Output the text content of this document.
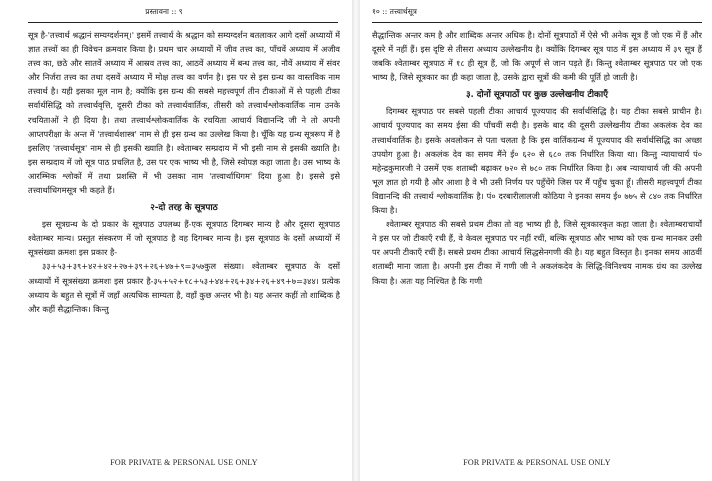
प्रस्तावना :: ९

सूत्र है-'तत्त्वार्थ श्रद्धानं सम्यग्दर्शनम्।' इसमें तत्त्वार्थ के श्रद्धान को सम्यग्दर्शन बतलाकर आगे दसों अध्यायों में ज्ञात तत्त्वों का ही विवेचन क्रमवार किया है। प्रथम चार अध्यायों में जीव तत्त्व का, पाँचवें अध्याय में अजीव तत्त्व का, छठे और सातवें अध्याय में आस्रव तत्त्व का, आठवें अध्याय में बन्ध तत्त्व का, नौवें अध्याय में संवर और निर्जरा तत्त्व का तथा दसवें अध्याय में मोक्ष तत्त्व का वर्णन है। इस पर से इस ग्रन्थ का वास्तविक नाम तत्त्वार्थ है। यही इसका मूल नाम है; क्योंकि इस ग्रन्थ की सबसे महत्त्वपूर्ण तीन टीकाओं में से पहली टीका सर्वार्थसिद्धि को तत्त्वार्थवृत्ति, दूसरी टीका को तत्त्वार्थवार्तिक, तीसरी को तत्त्वार्थश्लोकवार्तिक नाम उनके रचयिताओं ने ही दिया है। तथा तत्त्वार्थश्लोकवार्तिक के रचयिता आचार्य विद्यानन्दि जी ने तो अपनी आप्तपरीक्षा के अन्त में 'तत्त्वार्थशास्त्र' नाम से ही इस ग्रन्थ का उल्लेख किया है। चूँकि यह ग्रन्थ सूत्ररूप में है इसलिए 'तत्त्वार्थसूत्र' नाम से ही इसकी ख्याति है। श्वेताम्बर सम्प्रदाय में भी इसी नाम से इसकी ख्याति है। इस सम्प्रदाय में जो सूत्र पाठ प्रचलित है, उस पर एक भाष्य भी है, जिसे स्वोपज्ञ कहा जाता है। उस भाष्य के आरम्भिक श्लोकों में तथा प्रशस्ति में भी उसका नाम 'तत्त्वार्थाधिगम' दिया हुआ है। इससे इसे तत्त्वार्थाधिगमसूत्र भी कहते हैं।

२-दो तरह के सूत्रपाठ

इस सूत्रग्रन्थ के दो प्रकार के सूत्रपाठ उपलब्ध हैं-एक सूत्रपाठ दिगम्बर मान्य है और दूसरा सूत्रपाठ श्वेताम्बर मान्य। प्रस्तुत संस्करण में जो सूत्रपाठ है वह दिगम्बर मान्य है। इस सूत्रपाठ के दसों अध्यायों में सूत्रसंख्या क्रमशः इस प्रकार है-

३३+५३+३९+४२+४२+२७+३९+२६+४७+९=३५७कुल संख्या। श्वेताम्बर सूत्रपाठ के दसों अध्यायों में सूत्रसंख्या क्रमशः इस प्रकार है-३५+५२+१८+५३+४४+२६+३४+२६+४९+७=३४४। प्रत्येक अध्याय के बहुत से सूत्रों में जहाँ अत्यधिक साम्यता है, वहाँ कुछ अन्तर भी है। यह अन्तर कहीं तो शाब्दिक है और कहीं सैद्धान्तिक। किन्तु

FOR PRIVATE & PERSONAL USE ONLY
१० :: तत्त्वार्थसूत्र

सैद्धान्तिक अन्तर कम है और शाब्दिक अन्तर अधिक है। दोनों सूत्रपाठों में ऐसे भी अनेक सूत्र हैं जो एक में हैं और दूसरे में नहीं हैं। इस दृष्टि से तीसरा अध्याय उल्लेखनीय है। क्योंकि दिगम्बर सूत्र पाठ में इस अध्याय में ३९ सूत्र हैं जबकि श्वेताम्बर सूत्रपाठ में १८ ही सूत्र हैं, जो कि अपूर्ण से जान पड़ते हैं। किन्तु श्वेताम्बर सूत्रपाठ पर जो एक भाष्य है, जिसे सूत्रकार का ही कहा जाता है, उसके द्वारा सूत्रों की कमी की पूर्ति हो जाती है।

३. दोनों सूत्रपाठों पर कुछ उल्लेखनीय टीकाएँ

दिगम्बर सूत्रपाठ पर सबसे पहली टीका आचार्य पूज्यपाद की सर्वार्थसिद्धि है। यह टीका सबसे प्राचीन है। आचार्य पूज्यपाद का समय ईसा की पाँचवीं सदी है। इसके बाद की दूसरी उल्लेखनीय टीका अकलंक देव का तत्त्वार्थवार्तिक है। इसके अवलोकन से पता चलता है कि इस वार्तिकग्रन्थ में पूज्यपाद की सर्वार्थसिद्धि का अच्छा उपयोग हुआ है। अकलंक देव का समय मैंने ई० ६२० से ६८० तक निर्धारित किया था। किन्तु न्यायाचार्य पं० महेन्द्रकुमारजी ने उसमें एक शताब्दी बढ़ाकर ७२० से ७८० तक निर्धारित किया है। अब न्यायाचार्य जी की अपनी भूल ज्ञात हो गयी है और आशा है वे भी उसी निर्णय पर पहुँचेंगे जिस पर मैं पहुँच चुका हूँ। तीसरी महत्त्वपूर्ण टीका विद्यानन्दि की तत्त्वार्थ श्लोकवार्तिक है। पं० दरबारीलालजी कोठिया ने इनका समय ई० ७७५ से ८४० तक निर्धारित किया है।

श्वेताम्बर सूत्रपाठ की सबसे प्रथम टीका तो वह भाष्य ही है, जिसे सूत्रकारकृत कहा जाता है। श्वेताम्बराचार्यों ने इस पर जो टीकाएँ रची हैं, वे केवल सूत्रपाठ पर नहीं रचीं, बल्कि सूत्रपाठ और भाष्य को एक ग्रन्थ मानकर उसी पर अपनी टीकाएँ रचीं हैं। सबसे प्रथम टीका आचार्य सिद्धसेनगणी की है। यह बहुत विस्तृत है। इनका समय आठवीं शताब्दी माना जाता है। अपनी इस टीका में गणी जी ने अकलंकदेव के सिद्धि-विनिश्चय नामक ग्रंथ का उल्लेख किया है। अतः यह निश्चित है कि गणी

FOR PRIVATE & PERSONAL USE ONLY
